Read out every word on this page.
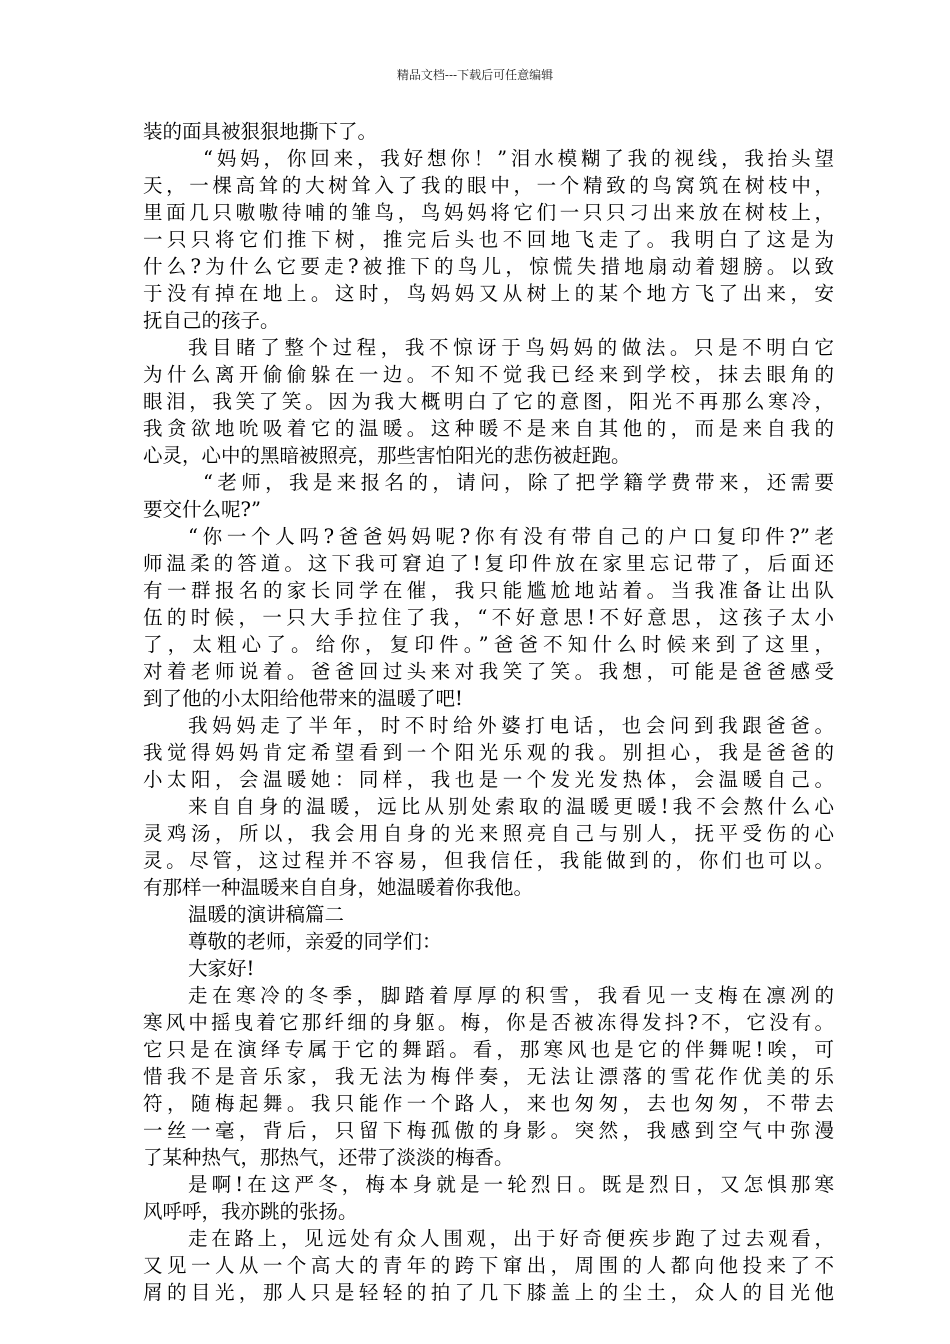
精品文档---下载后可任意编辑
装的面具被狠狠地撕下了。
“妈妈，你回来，我好想你！”泪水模糊了我的视线，我抬头望
天，一棵高耸的大树耸入了我的眼中，一个精致的鸟窝筑在树枝中，
里面几只嗷嗷待哺的雏鸟，鸟妈妈将它们一只只刁出来放在树枝上，
一只只将它们推下树，推完后头也不回地飞走了。我明白了这是为
什么?为什么它要走?被推下的鸟儿，惊慌失措地扇动着翅膀。以致
于没有掉在地上。这时，鸟妈妈又从树上的某个地方飞了出来，安
抚自己的孩子。
我目睹了整个过程，我不惊讶于鸟妈妈的做法。只是不明白它
为什么离开偷偷躲在一边。不知不觉我已经来到学校，抹去眼角的
眼泪，我笑了笑。因为我大概明白了它的意图，阳光不再那么寒冷，
我贪欲地吮吸着它的温暖。这种暖不是来自其他的，而是来自我的
心灵，心中的黑暗被照亮，那些害怕阳光的悲伤被赶跑。
“老师，我是来报名的，请问，除了把学籍学费带来，还需要
要交什么呢?”
“你一个人吗?爸爸妈妈呢?你有没有带自己的户口复印件?”老
师温柔的答道。这下我可窘迫了!复印件放在家里忘记带了，后面还
有一群报名的家长同学在催，我只能尴尬地站着。当我准备让出队
伍的时候，一只大手拉住了我，“不好意思!不好意思，这孩子太小
了，太粗心了。给你，复印件。”爸爸不知什么时候来到了这里，
对着老师说着。爸爸回过头来对我笑了笑。我想，可能是爸爸感受
到了他的小太阳给他带来的温暖了吧!
我妈妈走了半年，时不时给外婆打电话，也会问到我跟爸爸。
我觉得妈妈肯定希望看到一个阳光乐观的我。别担心，我是爸爸的
小太阳，会温暖她：同样，我也是一个发光发热体，会温暖自己。
来自自身的温暖，远比从别处索取的温暖更暖!我不会熬什么心
灵鸡汤，所以，我会用自身的光来照亮自己与别人，抚平受伤的心
灵。尽管，这过程并不容易，但我信任，我能做到的，你们也可以。
有那样一种温暖来自自身，她温暖着你我他。
温暖的演讲稿篇二
尊敬的老师，亲爱的同学们：
大家好!
走在寒冷的冬季，脚踏着厚厚的积雪，我看见一支梅在凛冽的
寒风中摇曳着它那纤细的身躯。梅，你是否被冻得发抖?不，它没有。
它只是在演绎专属于它的舞蹈。看，那寒风也是它的伴舞呢!唉，可
惜我不是音乐家，我无法为梅伴奏，无法让漂落的雪花作优美的乐
符，随梅起舞。我只能作一个路人，来也匆匆，去也匆匆，不带去
一丝一毫，背后，只留下梅孤傲的身影。突然，我感到空气中弥漫
了某种热气，那热气，还带了淡淡的梅香。
是啊!在这严冬，梅本身就是一轮烈日。既是烈日，又怎惧那寒
风呼呼，我亦跳的张扬。
走在路上，见远处有众人围观，出于好奇便疾步跑了过去观看，
又见一人从一个高大的青年的跨下窜出，周围的人都向他投来了不
屑的目光，那人只是轻轻的拍了几下膝盖上的尘土，众人的目光他
